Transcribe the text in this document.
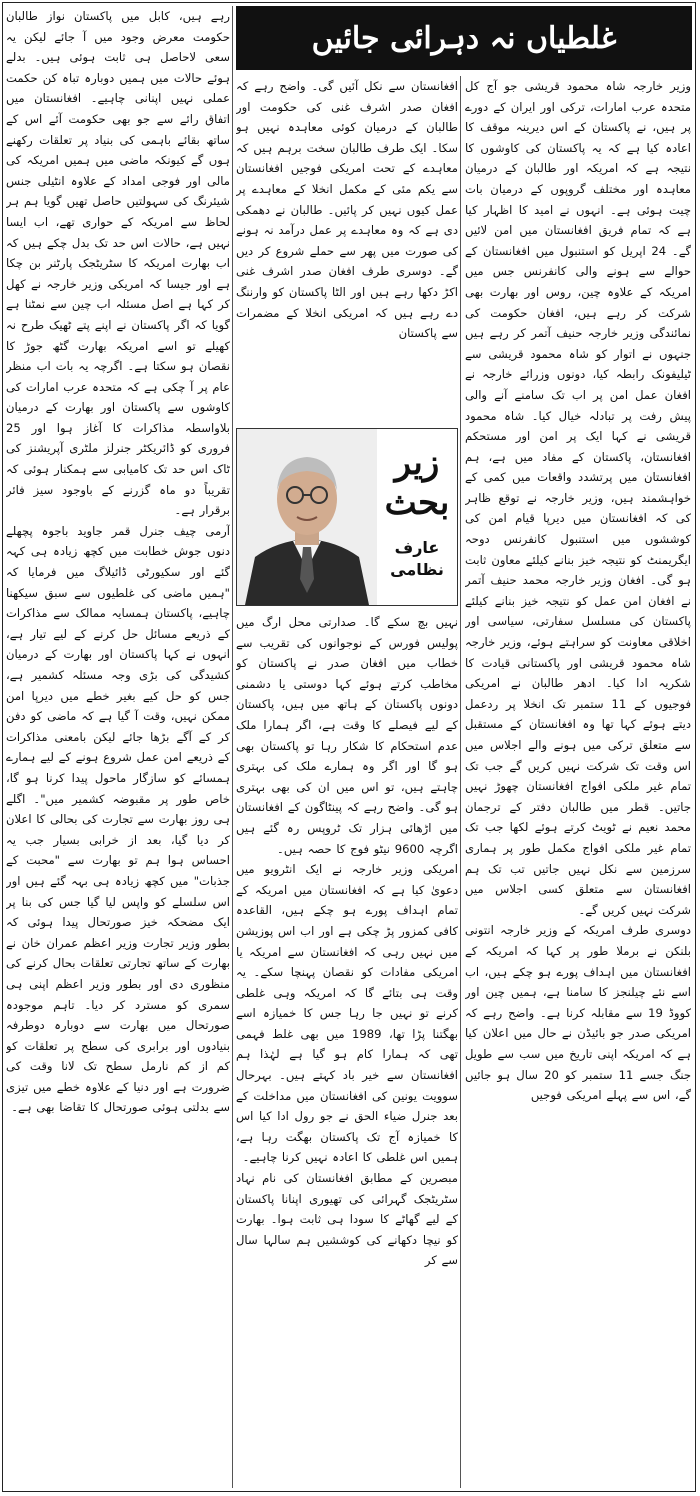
غلطیاں نہ دہرائی جائیں

وزیر خارجہ شاہ محمود قریشی جو آج کل متحدہ عرب امارات، ترکی اور ایران کے دورے پر ہیں، نے پاکستان کے اس دیرینہ موقف کا اعادہ کیا ہے کہ یہ پاکستان کی کاوشوں کا نتیجہ ہے کہ امریکہ اور طالبان کے درمیان معاہدہ اور مختلف گروپوں کے درمیان بات چیت ہوئی ہے۔ انہوں نے امید کا اظہار کیا ہے کہ تمام فریق افغانستان میں امن لائیں گے۔ 24 اپریل کو استنبول میں افغانستان کے حوالے سے ہونے والی کانفرنس جس میں امریکہ کے علاوہ چین، روس اور بھارت بھی شرکت کر رہے ہیں، افغان حکومت کی نمائندگی وزیر خارجہ حنیف آتمر کر رہے ہیں جنہوں نے اتوار کو شاہ محمود قریشی سے ٹیلیفونک رابطہ کیا، دونوں وزرائے خارجہ نے افغان عمل امن پر اب تک سامنے آنے والی پیش رفت پر تبادلہ خیال کیا۔ شاہ محمود قریشی نے کہا ایک پر امن اور مستحکم افغانستان، پاکستان کے مفاد میں ہے، ہم افغانستان میں پرتشدد واقعات میں کمی کے خواہشمند ہیں، وزیر خارجہ نے توقع ظاہر کی کہ افغانستان میں دیرپا قیام امن کی کوششوں میں استنبول کانفرنس دوحہ ایگریمنٹ کو نتیجہ خیز بنانے کیلئے معاون ثابت ہو گی۔ افغان وزیر خارجہ محمد حنیف آتمر نے افغان امن عمل کو نتیجہ خیز بنانے کیلئے پاکستان کی مسلسل سفارتی، سیاسی اور اخلاقی معاونت کو سراہتے ہوئے، وزیر خارجہ شاہ محمود قریشی اور پاکستانی قیادت کا شکریہ ادا کیا۔ ادھر طالبان نے امریکی فوجیوں کے 11 ستمبر تک انخلا پر ردعمل دیتے ہوئے کہا تھا وہ افغانستان کے مستقبل سے متعلق ترکی میں ہونے والے اجلاس میں اس وقت تک شرکت نہیں کریں گے جب تک تمام غیر ملکی افواج افغانستان چھوڑ نہیں جاتیں۔ قطر میں طالبان دفتر کے ترجمان محمد نعیم نے ٹویٹ کرتے ہوئے لکھا جب تک تمام غیر ملکی افواج مکمل طور پر ہماری سرزمین سے نکل نہیں جاتیں تب تک ہم افغانستان سے متعلق کسی اجلاس میں شرکت نہیں کریں گے۔

دوسری طرف امریکہ کے وزیر خارجہ انتونی بلنکن نے برملا طور پر کہا کہ امریکہ کے افغانستان میں اہداف پورے ہو چکے ہیں، اب اسے نئے چیلنجز کا سامنا ہے، ہمیں چین اور کووڈ 19 سے مقابلہ کرنا ہے۔ واضح رہے کہ امریکی صدر جو بائیڈن نے حال میں اعلان کیا ہے کہ امریکہ اپنی تاریخ میں سب سے طویل جنگ جسے 11 ستمبر کو 20 سال ہو جائیں گے، اس سے پہلے امریکی فوجیں

افغانستان سے نکل آئیں گی۔ واضح رہے کہ افغان صدر اشرف غنی کی حکومت اور طالبان کے درمیان کوئی معاہدہ نہیں ہو سکا۔ ایک طرف طالبان سخت برہم ہیں کہ معاہدے کے تحت امریکی فوجیں افغانستان سے یکم مئی کے مکمل انخلا کے معاہدے پر عمل کیوں نہیں کر پائیں۔ طالبان نے دھمکی دی ہے کہ وہ معاہدے پر عمل درآمد نہ ہونے کی صورت میں پھر سے حملے شروع کر دیں گے۔ دوسری طرف افغان صدر اشرف غنی اکڑ دکھا رہے ہیں اور الٹا پاکستان کو وارننگ دے رہے ہیں کہ امریکی انخلا کے مضمرات سے پاکستان

نہیں بچ سکے گا۔ صدارتی محل ارگ میں پولیس فورس کے نوجوانوں کی تقریب سے خطاب میں افغان صدر نے پاکستان کو مخاطب کرتے ہوئے کہا دوستی یا دشمنی دونوں پاکستان کے ہاتھ میں ہیں، پاکستان کے لیے فیصلے کا وقت ہے، اگر ہمارا ملک عدم استحکام کا شکار رہا تو پاکستان بھی ہو گا اور اگر وہ ہمارے ملک کی بہتری چاہتے ہیں، تو اس میں ان کی بھی بہتری ہو گی۔ واضح رہے کہ پینٹاگون کے افغانستان میں اڑھائی ہزار تک ٹروپس رہ گئے ہیں اگرچہ 9600 نیٹو فوج کا حصہ ہیں۔

امریکی وزیر خارجہ نے ایک انٹرویو میں دعویٰ کیا ہے کہ افغانستان میں امریکہ کے تمام اہداف پورے ہو چکے ہیں، القاعدہ کافی کمزور پڑ چکی ہے اور اب اس پوزیشن میں نہیں رہی کہ افغانستان سے امریکہ یا امریکی مفادات کو نقصان پہنچا سکے۔ یہ وقت ہی بتائے گا کہ امریکہ وہی غلطی کرنے تو نہیں جا رہا جس کا خمیازہ اسے بھگتنا پڑا تھا، 1989 میں بھی غلط فہمی تھی کہ ہمارا کام ہو گیا ہے لہٰذا ہم افغانستان سے خیر باد کہتے ہیں۔ بہرحال سوویت یونین کی افغانستان میں مداخلت کے بعد جنرل ضیاء الحق نے جو رول ادا کیا اس کا خمیازہ آج تک پاکستان بھگت رہا ہے، ہمیں اس غلطی کا اعادہ نہیں کرنا چاہیے۔

مبصرین کے مطابق افغانستان کی نام نہاد سٹریٹجک گہرائی کی تھیوری اپنانا پاکستان کے لیے گھاٹے کا سودا ہی ثابت ہوا۔ بھارت کو نیچا دکھانے کی کوششیں ہم سالہا سال سے کر

رہے ہیں، کابل میں پاکستان نواز طالبان حکومت معرض وجود میں آ جائے لیکن یہ سعی لاحاصل ہی ثابت ہوئی ہیں۔ بدلے ہوئے حالات میں ہمیں دوبارہ تباہ کن حکمت عملی نہیں اپنانی چاہیے۔ افغانستان میں اتفاق رائے سے جو بھی حکومت آئے اس کے ساتھ بقائے باہمی کی بنیاد پر تعلقات رکھنے ہوں گے کیونکہ ماضی میں ہمیں امریکہ کی مالی اور فوجی امداد کے علاوہ انٹیلی جنس شیئرنگ کی سہولتیں حاصل تھیں گویا ہم ہر لحاظ سے امریکہ کے حواری تھے، اب ایسا نہیں ہے، حالات اس حد تک بدل چکے ہیں کہ اب بھارت امریکہ کا سٹریٹجک پارٹنر بن چکا ہے اور جیسا کہ امریکی وزیر خارجہ نے کھل کر کہا ہے اصل مسئلہ اب چین سے نمٹنا ہے گویا کہ اگر پاکستان نے اپنے پتے ٹھیک طرح نہ کھیلے تو اسے امریکہ بھارت گٹھ جوڑ کا نقصان ہو سکتا ہے۔ اگرچہ یہ بات اب منظر عام پر آ چکی ہے کہ متحدہ عرب امارات کی کاوشوں سے پاکستان اور بھارت کے درمیان بلاواسطہ مذاکرات کا آغاز ہوا اور 25 فروری کو ڈائریکٹر جنرلز ملٹری آپریشنز کی ٹاک اس حد تک کامیابی سے ہمکنار ہوئی کہ تقریباً دو ماہ گزرنے کے باوجود سیز فائر برقرار ہے۔

آرمی چیف جنرل قمر جاوید باجوہ پچھلے دنوں جوش خطابت میں کچھ زیادہ ہی کہہ گئے اور سکیورٹی ڈائیلاگ میں فرمایا کہ "ہمیں ماضی کی غلطیوں سے سبق سیکھنا چاہیے، پاکستان ہمسایہ ممالک سے مذاکرات کے ذریعے مسائل حل کرنے کے لیے تیار ہے، انہوں نے کہا پاکستان اور بھارت کے درمیان کشیدگی کی بڑی وجہ مسئلہ کشمیر ہے، جس کو حل کیے بغیر خطے میں دیرپا امن ممکن نہیں، وقت آ گیا ہے کہ ماضی کو دفن کر کے آگے بڑھا جائے لیکن بامعنی مذاکرات کے ذریعے امن عمل شروع ہونے کے لیے ہمارے ہمسائے کو سازگار ماحول پیدا کرنا ہو گا، خاص طور پر مقبوضہ کشمیر میں"۔ اگلے ہی روز بھارت سے تجارت کی بحالی کا اعلان کر دیا گیا، بعد از خرابی بسیار جب یہ احساس ہوا ہم تو بھارت سے "محبت کے جذبات" میں کچھ زیادہ ہی بہہ گئے ہیں اور اس سلسلے کو واپس لیا گیا جس کی بنا پر ایک مضحکہ خیز صورتحال پیدا ہوئی کہ بطور وزیر تجارت وزیر اعظم عمران خان نے بھارت کے ساتھ تجارتی تعلقات بحال کرنے کی منظوری دی اور بطور وزیر اعظم اپنی ہی سمری کو مسترد کر دیا۔ تاہم موجودہ صورتحال میں بھارت سے دوبارہ دوطرفہ بنیادوں اور برابری کی سطح پر تعلقات کو کم از کم نارمل سطح تک لانا وقت کی ضرورت ہے اور دنیا کے علاوہ خطے میں تیزی سے بدلتی ہوئی صورتحال کا تقاضا بھی ہے۔

زیر
بحث
عارف نظامی
